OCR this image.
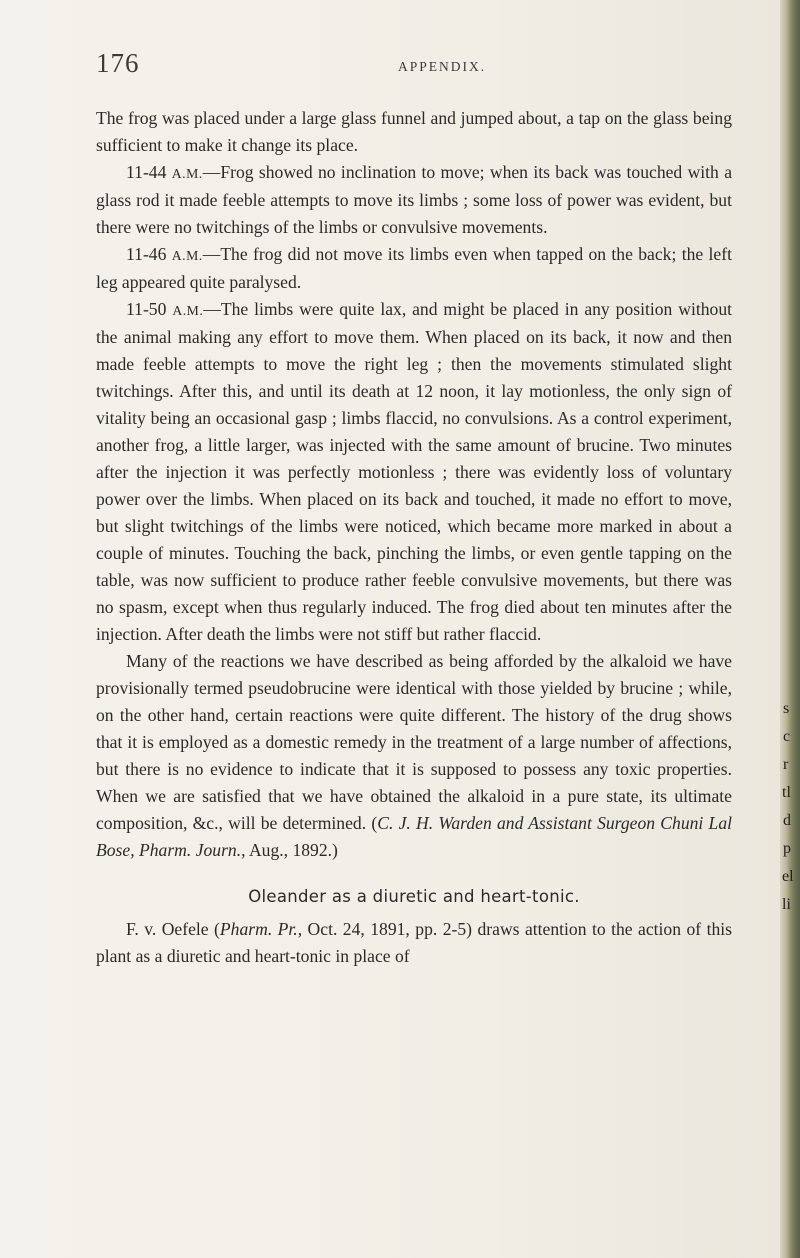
176	APPENDIX.

The frog was placed under a large glass funnel and jumped about, a tap on the glass being sufficient to make it change its place.

11-44 A.M.—Frog showed no inclination to move; when its back was touched with a glass rod it made feeble attempts to move its limbs ; some loss of power was evident, but there were no twitchings of the limbs or convulsive movements.

11-46 A.M.—The frog did not move its limbs even when tapped on the back; the left leg appeared quite paralysed.

11-50 A.M.—The limbs were quite lax, and might be placed in any position without the animal making any effort to move them. When placed on its back, it now and then made feeble attempts to move the right leg ; then the movements stimulated slight twitchings. After this, and until its death at 12 noon, it lay motionless, the only sign of vitality being an occasional gasp ; limbs flaccid, no convulsions. As a control experiment, another frog, a little larger, was injected with the same amount of brucine. Two minutes after the injection it was perfectly motionless ; there was evidently loss of voluntary power over the limbs. When placed on its back and touched, it made no effort to move, but slight twitchings of the limbs were noticed, which became more marked in about a couple of minutes. Touching the back, pinching the limbs, or even gentle tapping on the table, was now sufficient to produce rather feeble convulsive movements, but there was no spasm, except when thus regularly induced. The frog died about ten minutes after the injection. After death the limbs were not stiff but rather flaccid.

Many of the reactions we have described as being afforded by the alkaloid we have provisionally termed pseudobrucine were identical with those yielded by brucine ; while, on the other hand, certain reactions were quite different. The history of the drug shows that it is employed as a domestic remedy in the treatment of a large number of affections, but there is no evidence to indicate that it is supposed to possess any toxic properties. When we are satisfied that we have obtained the alkaloid in a pure state, its ultimate composition, &c., will be determined. (C. J. H. Warden and Assistant Surgeon Chuni Lal Bose, Pharm. Journ., Aug., 1892.)

Oleander as a diuretic and heart-tonic.

F. v. Oefele (Pharm. Pr., Oct. 24, 1891, pp. 2-5) draws attention to the action of this plant as a diuretic and heart-tonic in place of

s
c
r
tl
d
p
el
li
